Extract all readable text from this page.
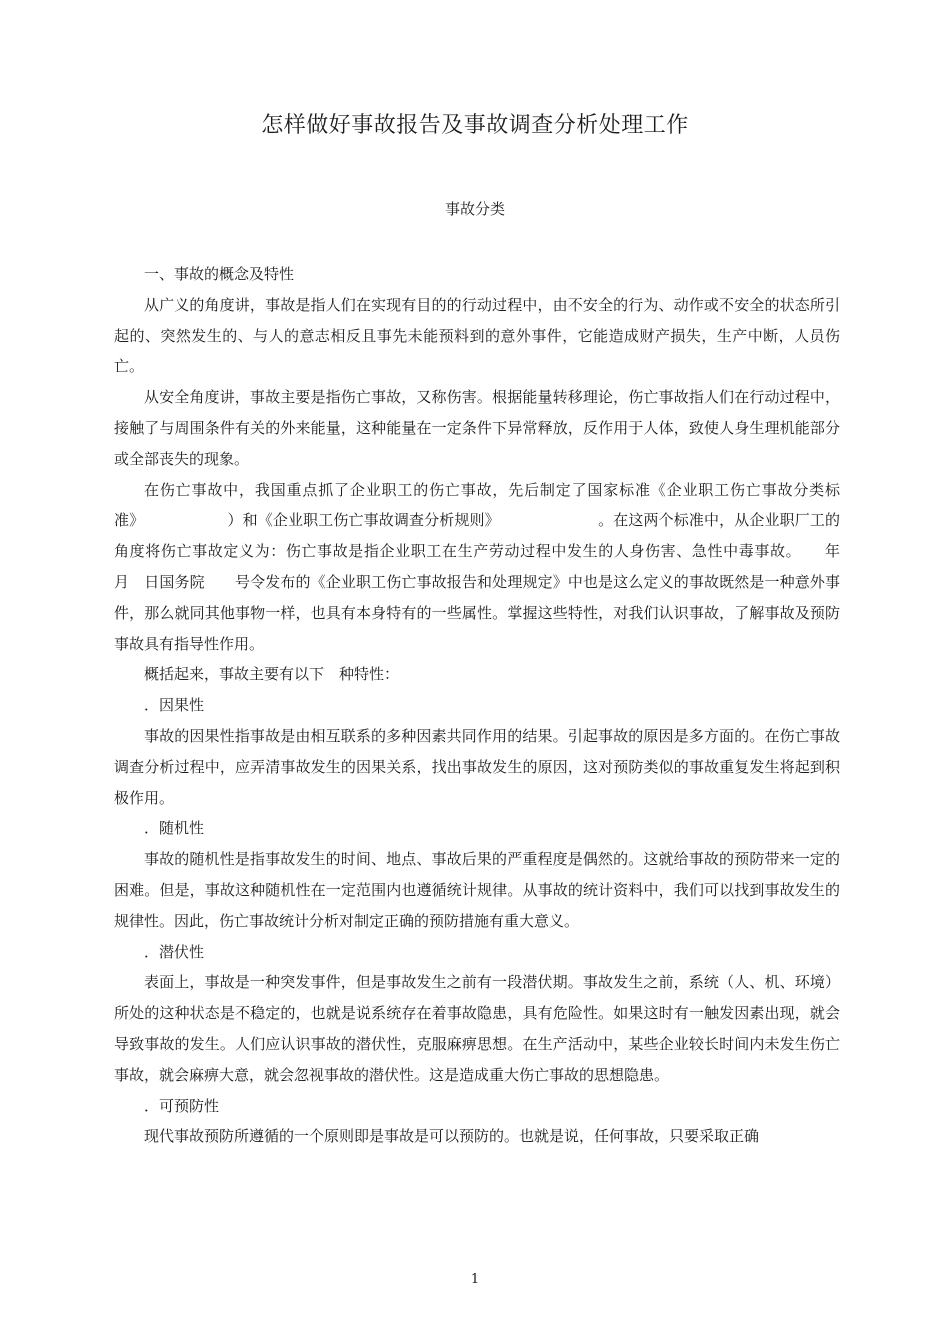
怎样做好事故报告及事故调查分析处理工作
事故分类

一、事故的概念及特性

从广义的角度讲，事故是指人们在实现有目的的行动过程中，由不安全的行为、动作或不安全的状态所引起的、突然发生的、与人的意志相反且事先未能预料到的意外事件，它能造成财产损失，生产中断，人员伤亡。

从安全角度讲，事故主要是指伤亡事故，又称伤害。根据能量转移理论，伤亡事故指人们在行动过程中，接触了与周围条件有关的外来能量，这种能量在一定条件下异常释放，反作用于人体，致使人身生理机能部分或全部丧失的现象。

在伤亡事故中，我国重点抓了企业职工的伤亡事故，先后制定了国家标准《企业职工伤亡事故分类标准》　　　　　　）和《企业职工伤亡事故调查分析规则》　　　　　　　。在这两个标准中，从企业职厂工的角度将伤亡事故定义为：伤亡事故是指企业职工在生产劳动过程中发生的人身伤害、急性中毒事故。　　年　月　日国务院　　号令发布的《企业职工伤亡事故报告和处理规定》中也是这么定义的事故既然是一种意外事件，那么就同其他事物一样，也具有本身特有的一些属性。掌握这些特性，对我们认识事故，了解事故及预防事故具有指导性作用。

概括起来，事故主要有以下　种特性：

．因果性

事故的因果性指事故是由相互联系的多种因素共同作用的结果。引起事故的原因是多方面的。在伤亡事故调查分析过程中，应弄清事故发生的因果关系，找出事故发生的原因，这对预防类似的事故重复发生将起到积极作用。

．随机性

事故的随机性是指事故发生的时间、地点、事故后果的严重程度是偶然的。这就给事故的预防带来一定的困难。但是，事故这种随机性在一定范围内也遵循统计规律。从事故的统计资料中，我们可以找到事故发生的规律性。因此，伤亡事故统计分析对制定正确的预防措施有重大意义。

．潜伏性

表面上，事故是一种突发事件，但是事故发生之前有一段潜伏期。事故发生之前，系统（人、机、环境）所处的这种状态是不稳定的，也就是说系统存在着事故隐患，具有危险性。如果这时有一触发因素出现，就会导致事故的发生。人们应认识事故的潜伏性，克服麻痹思想。在生产活动中，某些企业较长时间内未发生伤亡事故，就会麻痹大意，就会忽视事故的潜伏性。这是造成重大伤亡事故的思想隐患。

．可预防性

现代事故预防所遵循的一个原则即是事故是可以预防的。也就是说，任何事故，只要采取正确

1
